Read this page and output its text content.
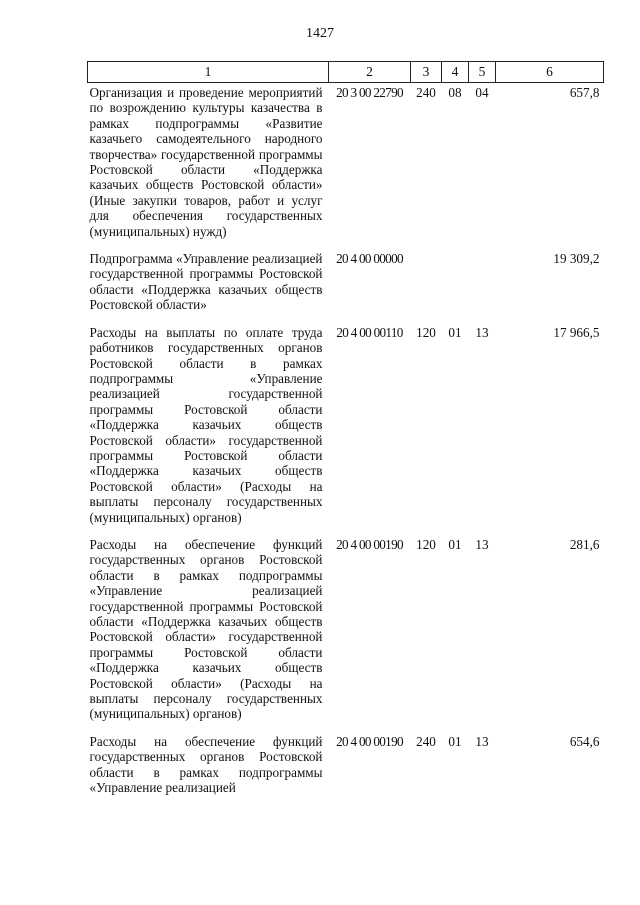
1427
1	2	3	4	5	6
Организация и проведение мероприятий по возрождению культуры казачества в рамках подпрограммы «Развитие казачьего самодеятельного народного творчества» государственной программы Ростовской области «Поддержка казачьих обществ Ростовской области» (Иные закупки товаров, работ и услуг для обеспечения государственных (муниципальных) нужд)	20 3 00 22790	240	08	04	657,8
Подпрограмма «Управление реализацией государственной программы Ростовской области «Поддержка казачьих обществ Ростовской области»	20 4 00 00000				19 309,2
Расходы на выплаты по оплате труда работников государственных органов Ростовской области в рамках подпрограммы «Управление реализацией государственной программы Ростовской области «Поддержка казачьих обществ Ростовской области» государственной программы Ростовской области «Поддержка казачьих обществ Ростовской области» (Расходы на выплаты персоналу государственных (муниципальных) органов)	20 4 00 00110	120	01	13	17 966,5
Расходы на обеспечение функций государственных органов Ростовской области в рамках подпрограммы «Управление реализацией государственной программы Ростовской области «Поддержка казачьих обществ Ростовской области» государственной программы Ростовской области «Поддержка казачьих обществ Ростовской области» (Расходы на выплаты персоналу государственных (муниципальных) органов)	20 4 00 00190	120	01	13	281,6
Расходы на обеспечение функций государственных органов Ростовской области в рамках подпрограммы «Управление реализацией	20 4 00 00190	240	01	13	654,6
